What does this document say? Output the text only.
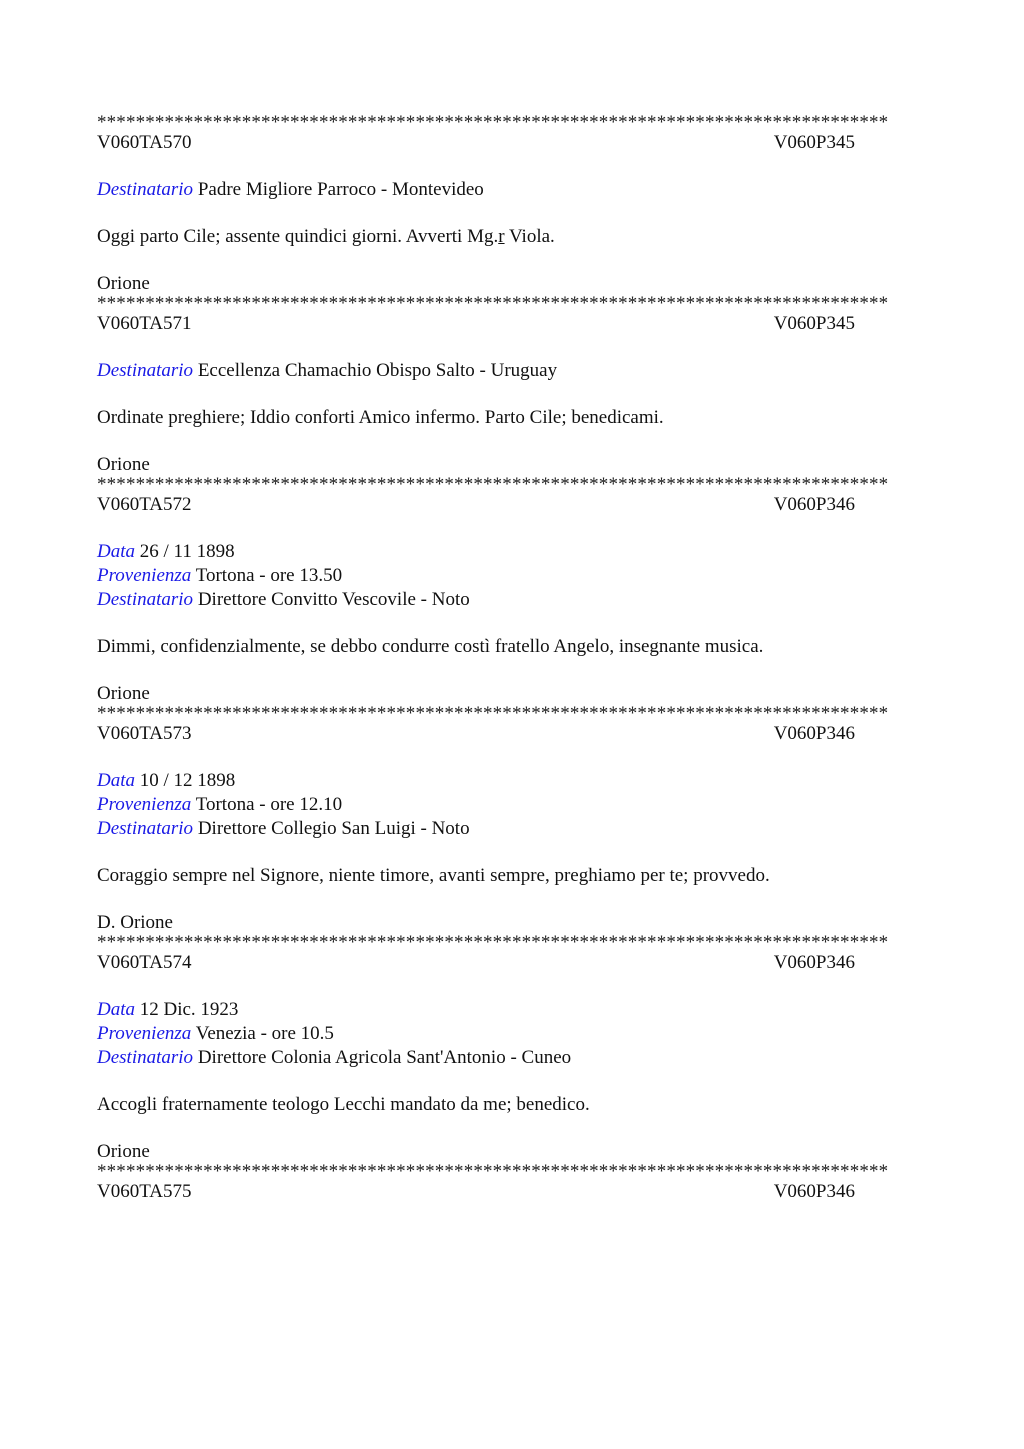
**********************************************************************************
V060TA570	V060P345
Destinatario Padre Migliore Parroco - Montevideo
Oggi parto Cile; assente quindici giorni. Avverti Mg.r Viola.
Orione
**********************************************************************************
V060TA571	V060P345
Destinatario Eccellenza Chamachio Obispo Salto - Uruguay
Ordinate preghiere; Iddio conforti Amico infermo. Parto Cile; benedicami.
Orione
**********************************************************************************
V060TA572	V060P346
Data 26 / 11 1898
Provenienza Tortona - ore 13.50
Destinatario Direttore Convitto Vescovile - Noto
Dimmi, confidenzialmente, se debbo condurre costì fratello Angelo, insegnante musica.
Orione
**********************************************************************************
V060TA573	V060P346
Data 10 / 12 1898
Provenienza Tortona - ore 12.10
Destinatario Direttore Collegio San Luigi - Noto
Coraggio sempre nel Signore, niente timore, avanti sempre, preghiamo per te; provvedo.
D. Orione
**********************************************************************************
V060TA574	V060P346
Data 12 Dic. 1923
Provenienza Venezia - ore 10.5
Destinatario Direttore Colonia Agricola Sant'Antonio - Cuneo
Accogli fraternamente teologo Lecchi mandato da me; benedico.
Orione
**********************************************************************************
V060TA575	V060P346
